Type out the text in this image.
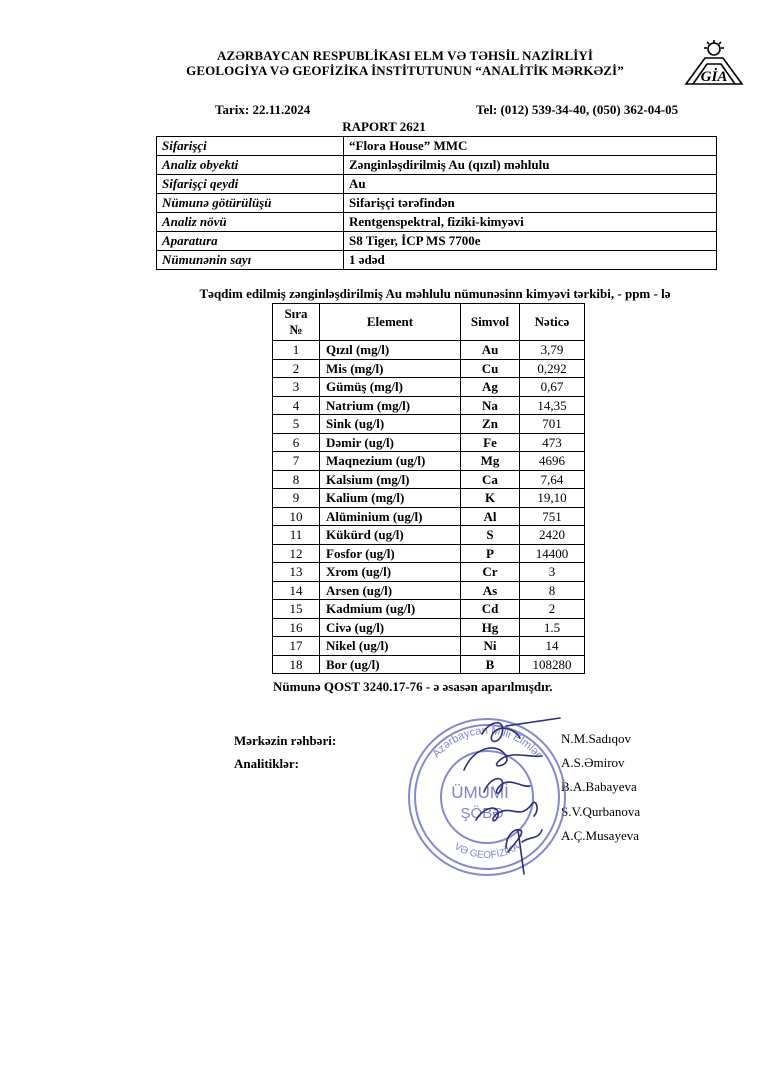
AZƏRBAYCAN RESPUBLİKASI ELM VƏ TƏHSİL NAZİRLİYİ
GEOLOGİYA VƏ GEOFİZİKA İNSTİTUTUNUN “ANALİTİK MƏRKƏZİ”	GİA
Tarix: 22.11.2024	Tel: (012) 539-34-40, (050) 362-04-05
RAPORT 2621
Sifarişçi	“Flora House” MMC
Analiz obyekti	Zənginləşdirilmiş Au (qızıl) məhlulu
Sifarişçi qeydi	Au
Nümunə götürülüşü	Sifarişçi tərəfindən
Analiz növü	Rentgenspektral, fiziki-kimyəvi
Aparatura	S8 Tiger, İCP MS 7700e
Nümunənin sayı	1 ədəd
Təqdim edilmiş zənginləşdirilmiş Au məhlulu nümunəsinn kimyəvi tərkibi, - ppm - lə
Sıra
№	Element	Simvol	Nəticə
1	Qızıl (mg/l)	Au	3,79
2	Mis (mg/l)	Cu	0,292
3	Gümüş (mg/l)	Ag	0,67
4	Natrium (mg/l)	Na	14,35
5	Sink (ug/l)	Zn	701
6	Dəmir (ug/l)	Fe	473
7	Maqnezium (ug/l)	Mg	4696
8	Kalsium (mg/l)	Ca	7,64
9	Kalium (mg/l)	K	19,10
10	Alüminium (ug/l)	Al	751
11	Kükürd (ug/l)	S	2420
12	Fosfor (ug/l)	P	14400
13	Xrom (ug/l)	Cr	3
14	Arsen (ug/l)	As	8
15	Kadmium (ug/l)	Cd	2
16	Civə (ug/l)	Hg	1.5
17	Nikel (ug/l)	Ni	14
18	Bor (ug/l)	B	108280
Nümunə QOST 3240.17-76 - ə əsasən aparılmışdır.
Mərkəzin rəhbəri:
Analitiklər:
N.M.Sadıqov
A.S.Əmirov
B.A.Babayeva
S.V.Qurbanova
A.Ç.Musayeva
Azərbaycan Milli Elmlər
VƏ GEOFİZİKA
ÜMUMİ
ŞÖBƏ
